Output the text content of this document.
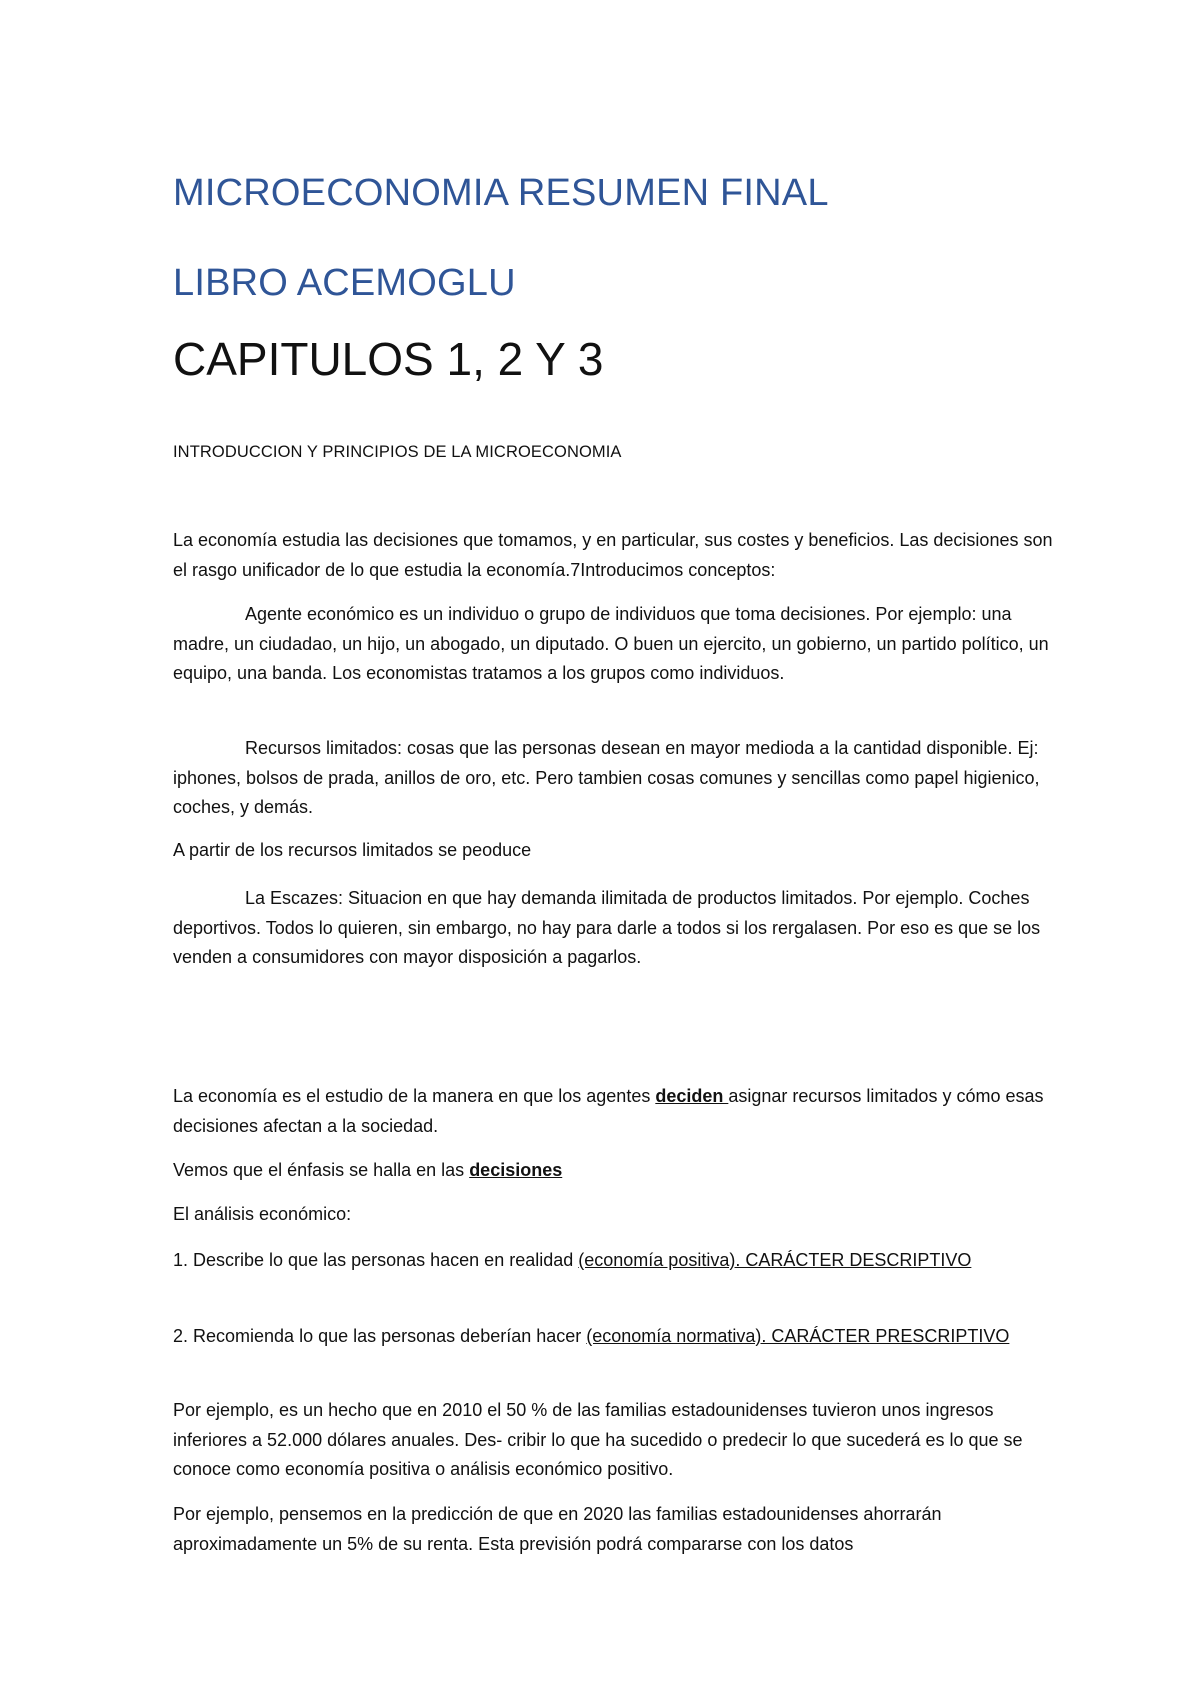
MICROECONOMIA RESUMEN FINAL
LIBRO ACEMOGLU
CAPITULOS 1, 2 Y 3

INTRODUCCION Y PRINCIPIOS DE LA MICROECONOMIA

La economía estudia las decisiones que tomamos, y en particular, sus costes y beneficios. Las decisiones son el rasgo unificador de lo que estudia la economía.7Introducimos conceptos:

Agente económico es un individuo o grupo de individuos que toma decisiones. Por ejemplo: una madre, un ciudadao, un hijo, un abogado, un diputado. O buen un ejercito, un gobierno, un partido político, un equipo, una banda. Los economistas tratamos a los grupos como individuos.

Recursos limitados: cosas que las personas desean en mayor medioda a la cantidad disponible. Ej: iphones, bolsos de prada, anillos de oro, etc. Pero tambien cosas comunes y sencillas como papel higienico, coches, y demás.

A partir de los recursos limitados se peoduce

La Escazes: Situacion en que hay demanda ilimitada de productos limitados. Por ejemplo. Coches deportivos. Todos lo quieren, sin embargo, no hay para darle a todos si los rergalasen. Por eso es que se los venden a consumidores con mayor disposición a pagarlos.

La economía es el estudio de la manera en que los agentes deciden asignar recursos limitados y cómo esas decisiones afectan a la sociedad.

Vemos que el énfasis se halla en las decisiones

El análisis económico:

1. Describe lo que las personas hacen en realidad (economía positiva). CARÁCTER DESCRIPTIVO

2. Recomienda lo que las personas deberían hacer (economía normativa). CARÁCTER PRESCRIPTIVO

Por ejemplo, es un hecho que en 2010 el 50 % de las familias estadounidenses tuvieron unos ingresos inferiores a 52.000 dólares anuales. Des- cribir lo que ha sucedido o predecir lo que sucederá es lo que se conoce como economía positiva o análisis económico positivo.

Por ejemplo, pensemos en la predicción de que en 2020 las familias estadounidenses ahorrarán aproximadamente un 5% de su renta. Esta previsión podrá compararse con los datos
